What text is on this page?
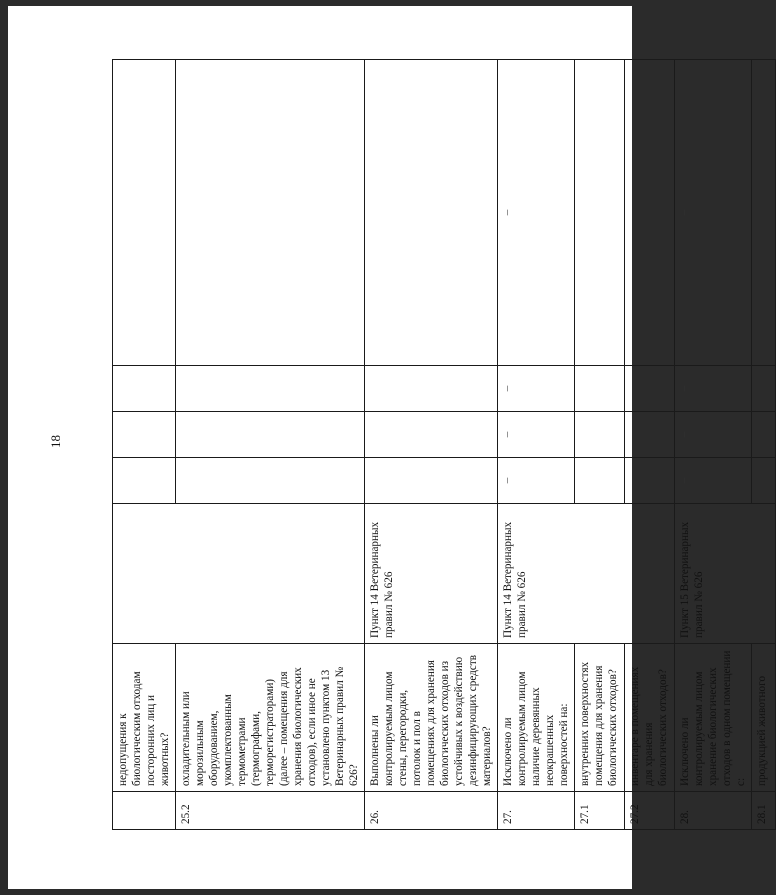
18
	недопущения к биологическим отходам посторонних лиц и животных?					
25.2	охладительным или морозильным оборудованием, укомплектованным термометрами (термографами, терморегистраторами) (далее – помещения для хранения биологических отходов), если иное не установлено пунктом 13 Ветеринарных правил № 626?					
26.	Выполнены ли контролируемым лицом стены, перегородки, потолок и пол в помещениях для хранения биологических отходов из устойчивых к воздействию дезинфицирующих средств материалов?	Пункт 14 Ветеринарных правил № 626				
27.	Исключено ли контролируемым лицом наличие деревянных неокрашенных поверхностей на:	Пункт 14 Ветеринарных правил № 626	–	–	–	–
27.1	внутренних поверхностях помещения для хранения биологических отходов?					
27.2	инвентаре в помещениях для хранения биологических отходов?					
28.	Исключено ли контролируемым лицом хранение биологических отходов в одном помещении с:	Пункт 15 Ветеринарных правил № 626	–	–	–	–
28.1	продукцией животного					
